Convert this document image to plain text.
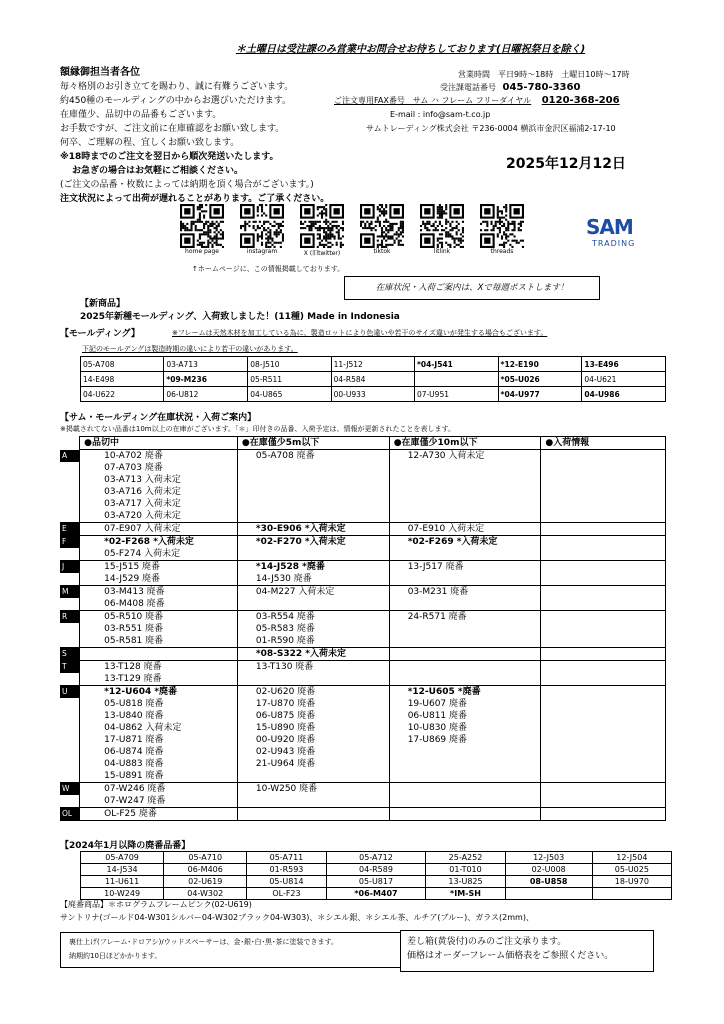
＊土曜日は受注課のみ営業中お問合せお待ちしております(日曜祝祭日を除く)
額縁御担当者各位
毎々格別のお引き立てを賜わり、誠に有難うございます。
約450種のモールディングの中からお選びいただけます。
在庫僅少、品切中の品番もございます。
お手数ですが、ご注文前に在庫確認をお願い致します。
何卒、ご理解の程、宜しくお願い致します。
※18時までのご注文を翌日から順次発送いたします。
お急ぎの場合はお気軽にご相談ください。
(ご注文の品番・枚数によっては納期を頂く場合がございます。)
注文状況によって出荷が遅れることがあります。ご了承ください。
営業時間　平日9時～18時　土曜日10時～17時
受注課電話番号 045-780-3360
ご注文専用FAX番号　サム ハ フレーム フリーダイヤル 0120-368-206
E-mail : info@sam-t.co.jp
サムトレーディング株式会社 〒236-0004 横浜市金沢区福浦2-17-10
2025年12月12日
home page	instagram	X (旧twitter)	tiktok	litlink	threads
↑ホームページに、この情報掲載しております。
SAM
TRADING
在庫状況・入荷ご案内は、Xで毎週ポストします！
【新商品】
2025年新種モールディング、入荷致しました！(11種) Made in Indonesia
【モールディング】	※フレームは天然木材を加工している為に、製造ロットにより色違いや若干のサイズ違いが発生する場合もございます。
下記のモールデングは製造時期の違いにより若干の違いがあります。
05-A708	03-A713	08-J510	11-J512	*04-J541	*12-E190	13-E496
14-E498	*09-M236	05-R511	04-R584		*05-U026	04-U621
04-U622	06-U812	04-U865	00-U933	07-U951	*04-U977	04-U986
【サム・モールディング在庫状況・入荷ご案内】
※掲載されてない品番は10m以上の在庫がございます。「＊」印付きの品番、入荷予定は、情報が更新されたことを表します。
	●品切中	●在庫僅少5m以下	●在庫僅少10m以下	●入荷情報
A	10-A702 廃番	05-A708 廃番	12-A730 入荷未定	
	07-A703 廃番			
	03-A713 入荷未定			
	03-A716 入荷未定			
	03-A717 入荷未定			
	03-A720 入荷未定			
E	07-E907 入荷未定	*30-E906 *入荷未定	07-E910 入荷未定	
F	*02-F268 *入荷未定	*02-F270 *入荷未定	*02-F269 *入荷未定	
	05-F274 入荷未定			
J	15-J515 廃番	*14-J528 *廃番	13-J517 廃番	
	14-J529 廃番	14-J530 廃番		
M	03-M413 廃番	04-M227 入荷未定	03-M231 廃番	
	06-M408 廃番			
R	05-R510 廃番	03-R554 廃番	24-R571 廃番	
	03-R551 廃番	05-R583 廃番		
	05-R581 廃番	01-R590 廃番		
S		*08-S322 *入荷未定		
T	13-T128 廃番	13-T130 廃番		
	13-T129 廃番			
U	*12-U604 *廃番	02-U620 廃番	*12-U605 *廃番	
	05-U818 廃番	17-U870 廃番	19-U607 廃番	
	13-U840 廃番	06-U875 廃番	06-U811 廃番	
	04-U862 入荷未定	15-U890 廃番	10-U830 廃番	
	17-U871 廃番	00-U920 廃番	17-U869 廃番	
	06-U874 廃番	02-U943 廃番		
	04-U883 廃番	21-U964 廃番		
	15-U891 廃番			
W	07-W246 廃番	10-W250 廃番		
	07-W247 廃番			
OL	OL-F25 廃番			
【2024年1月以降の廃番品番】
05-A709	05-A710	05-A711	05-A712	25-A252	12-J503	12-J504
14-J534	06-M406	01-R593	04-R589	01-T010	02-U008	05-U025
11-U611	02-U619	05-U814	05-U817	13-U825	08-U858	18-U970
10-W249	04-W302	OL-F23	*06-M407	*IM-SH		
【廃番商品】＊ホログラムフレームピンク(02-U619)
サントリナ(ゴールド04-W301シルバー04-W302ブラック04-W303)、＊シエル銀、＊シエル茶、ルチア(ブルー)、ガラス(2mm)、
裏仕上げ(フレーム･ドロアシ)/ウッドスペーサーは、金･銀･白･黒･茶に塗装できます。
納期約10日ほどかかります。
差し箱(黄袋付)のみのご注文承ります。
価格はオーダーフレーム価格表をご参照ください。
